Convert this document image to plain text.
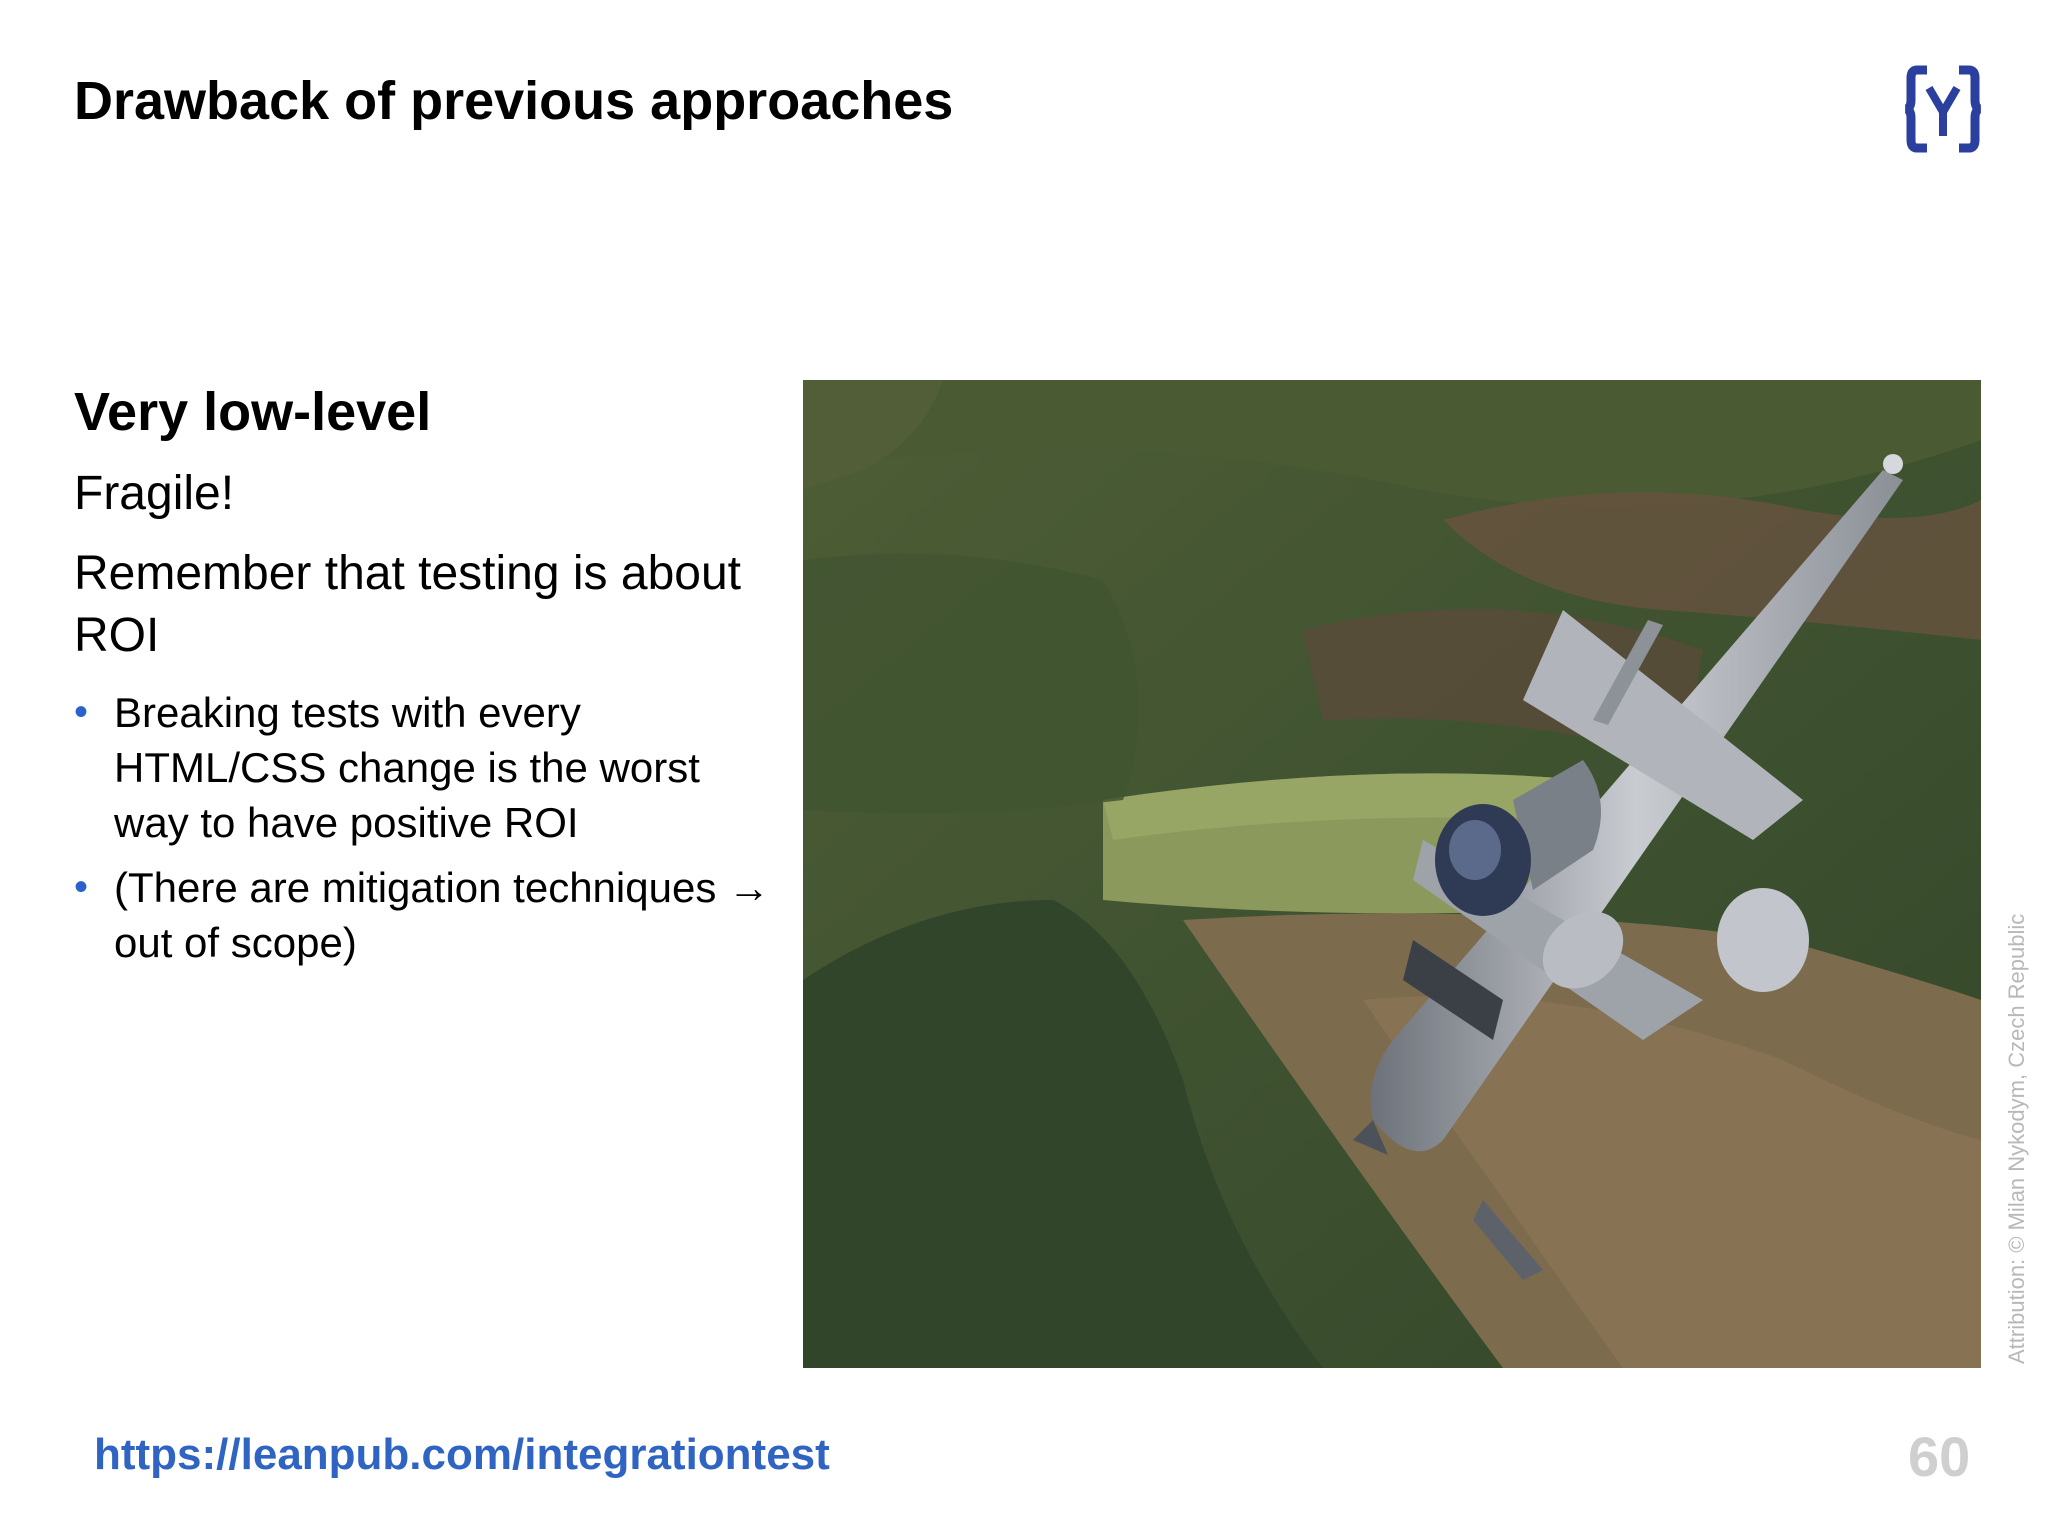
Drawback of previous approaches

Very low-level

Fragile!

Remember that testing is about ROI

• Breaking tests with every HTML/CSS change is the worst way to have positive ROI
• (There are mitigation techniques → out of scope)	Attribution: © Milan Nykodym, Czech Republic
https://leanpub.com/integrationtest	60
